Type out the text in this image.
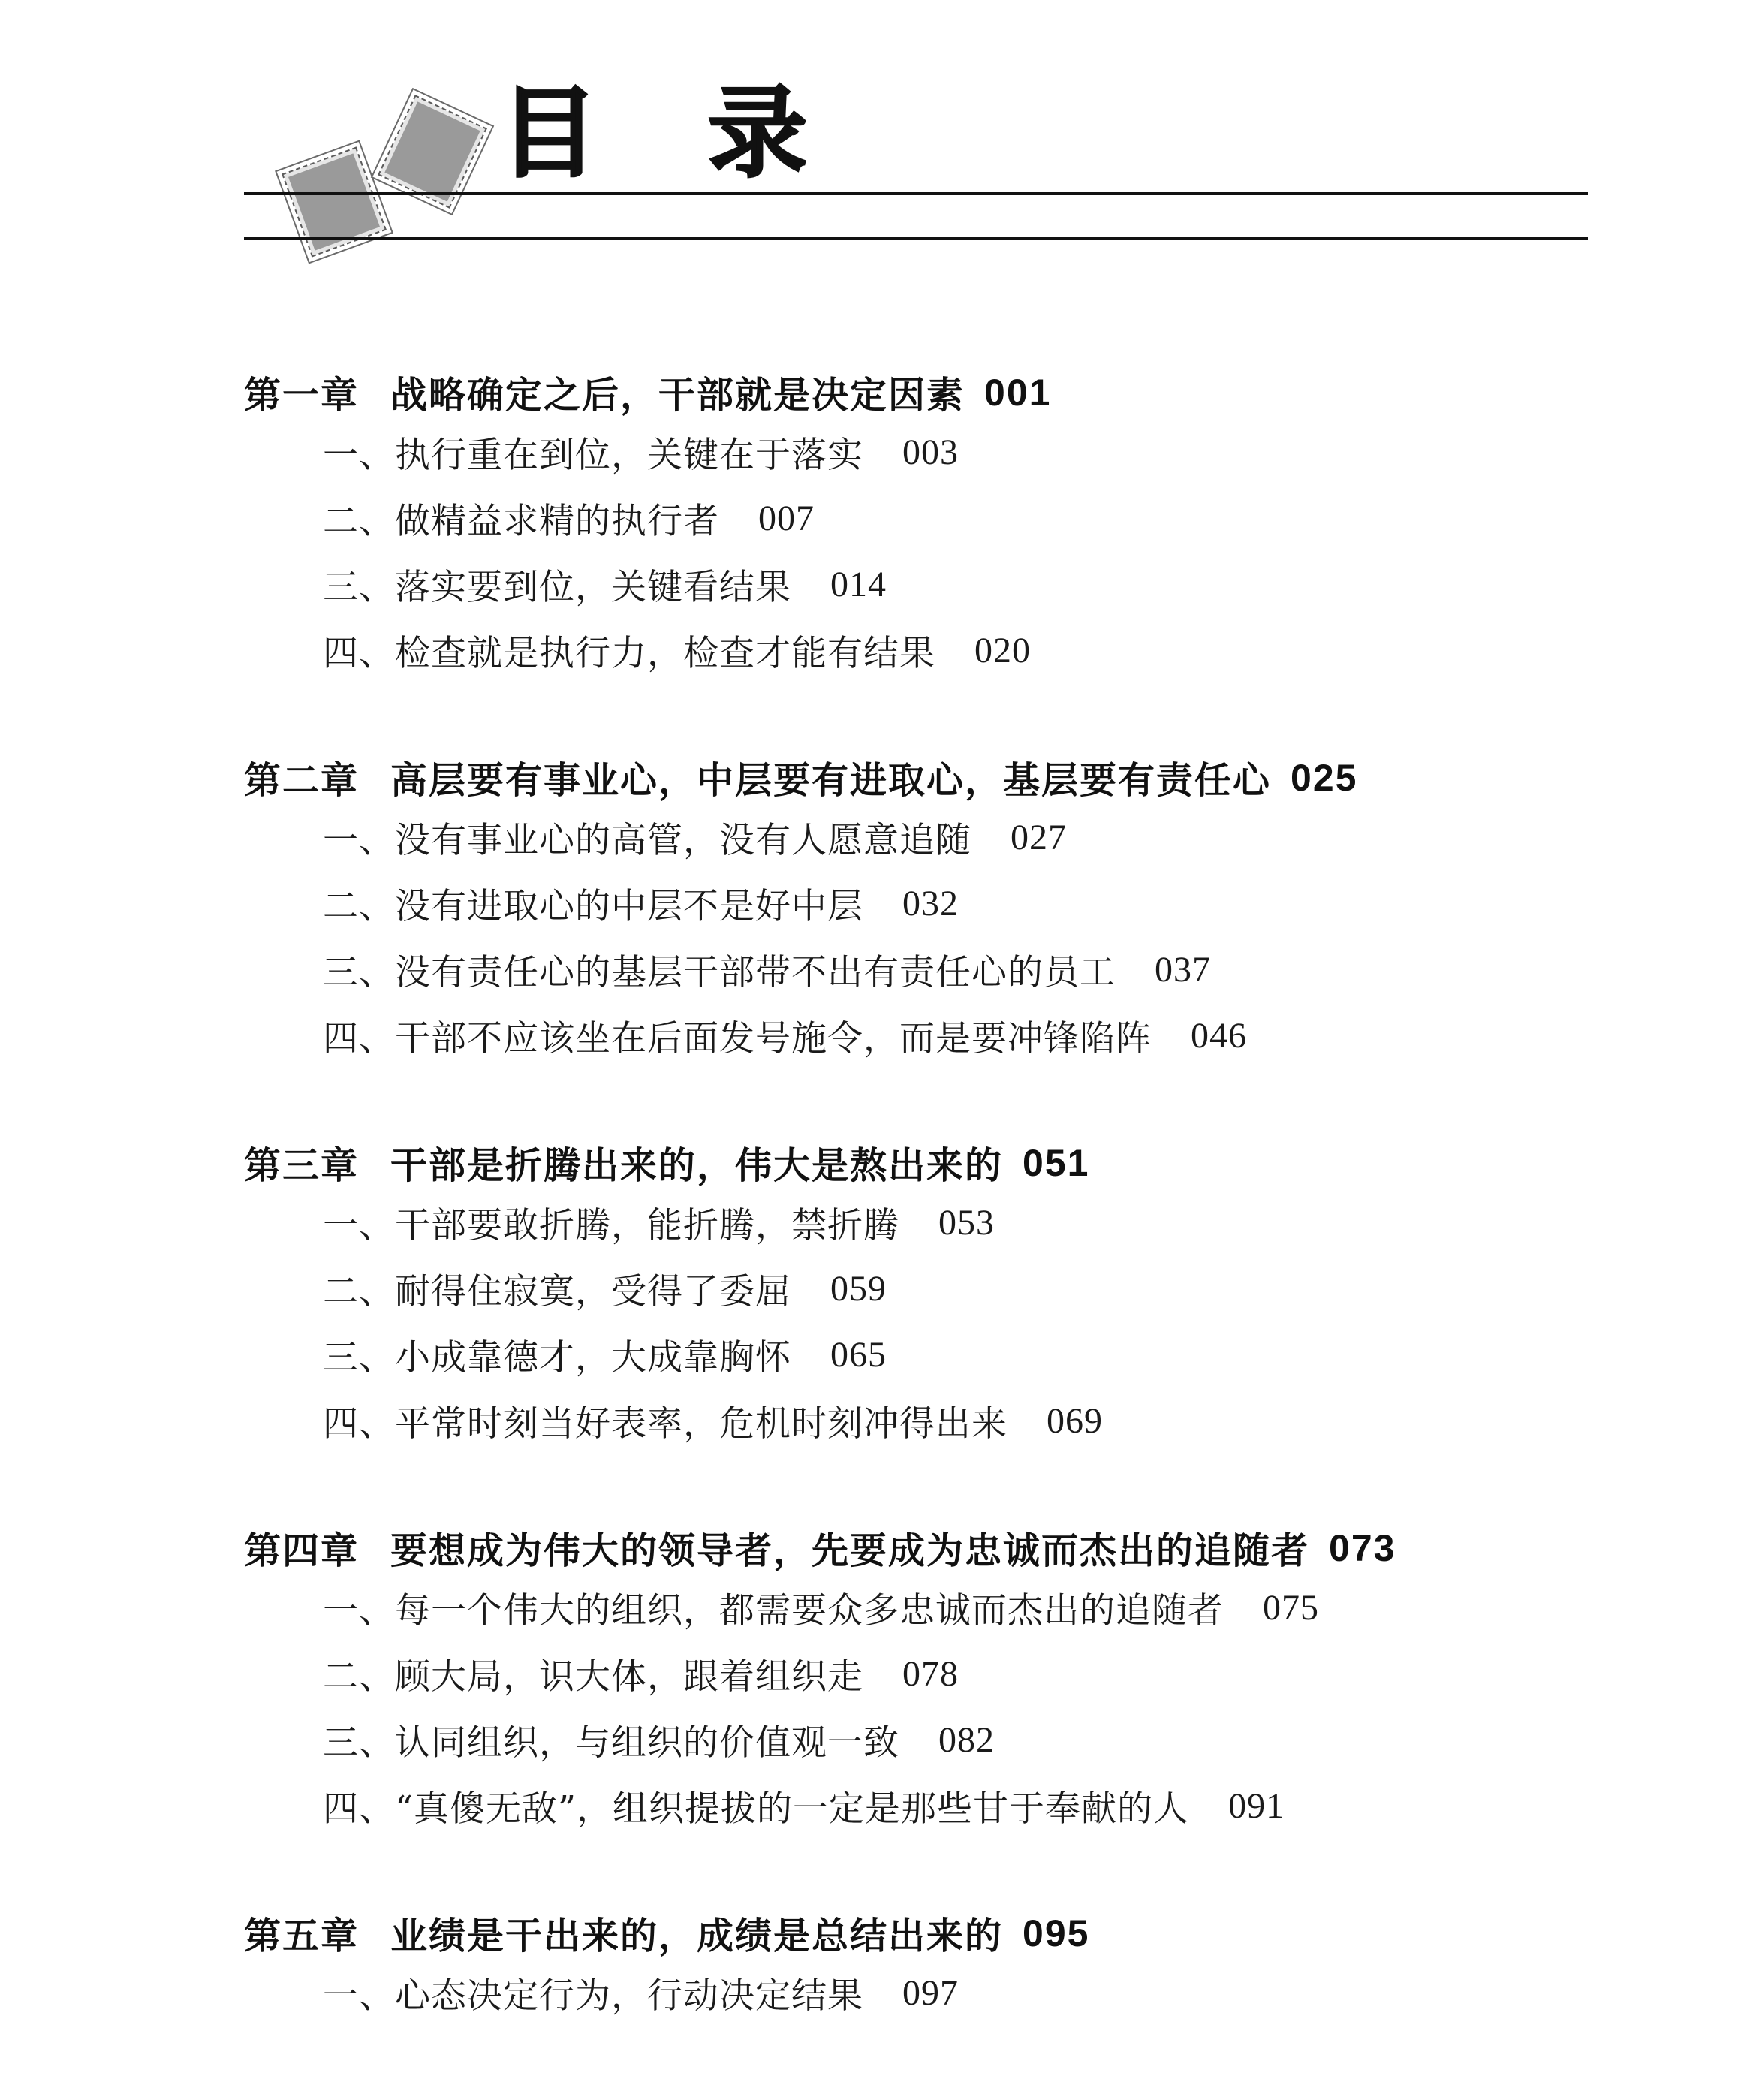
目 录
第一章 战略确定之后，干部就是决定因素 001
一、执行重在到位，关键在于落实 003
二、做精益求精的执行者 007
三、落实要到位，关键看结果 014
四、检查就是执行力，检查才能有结果 020
第二章 高层要有事业心，中层要有进取心，基层要有责任心 025
一、没有事业心的高管，没有人愿意追随 027
二、没有进取心的中层不是好中层 032
三、没有责任心的基层干部带不出有责任心的员工 037
四、干部不应该坐在后面发号施令，而是要冲锋陷阵 046
第三章 干部是折腾出来的，伟大是熬出来的 051
一、干部要敢折腾，能折腾，禁折腾 053
二、耐得住寂寞，受得了委屈 059
三、小成靠德才，大成靠胸怀 065
四、平常时刻当好表率，危机时刻冲得出来 069
第四章 要想成为伟大的领导者，先要成为忠诚而杰出的追随者 073
一、每一个伟大的组织，都需要众多忠诚而杰出的追随者 075
二、顾大局，识大体，跟着组织走 078
三、认同组织，与组织的价值观一致 082
四、“真傻无敌”，组织提拔的一定是那些甘于奉献的人 091
第五章 业绩是干出来的，成绩是总结出来的 095
一、心态决定行为，行动决定结果 097
